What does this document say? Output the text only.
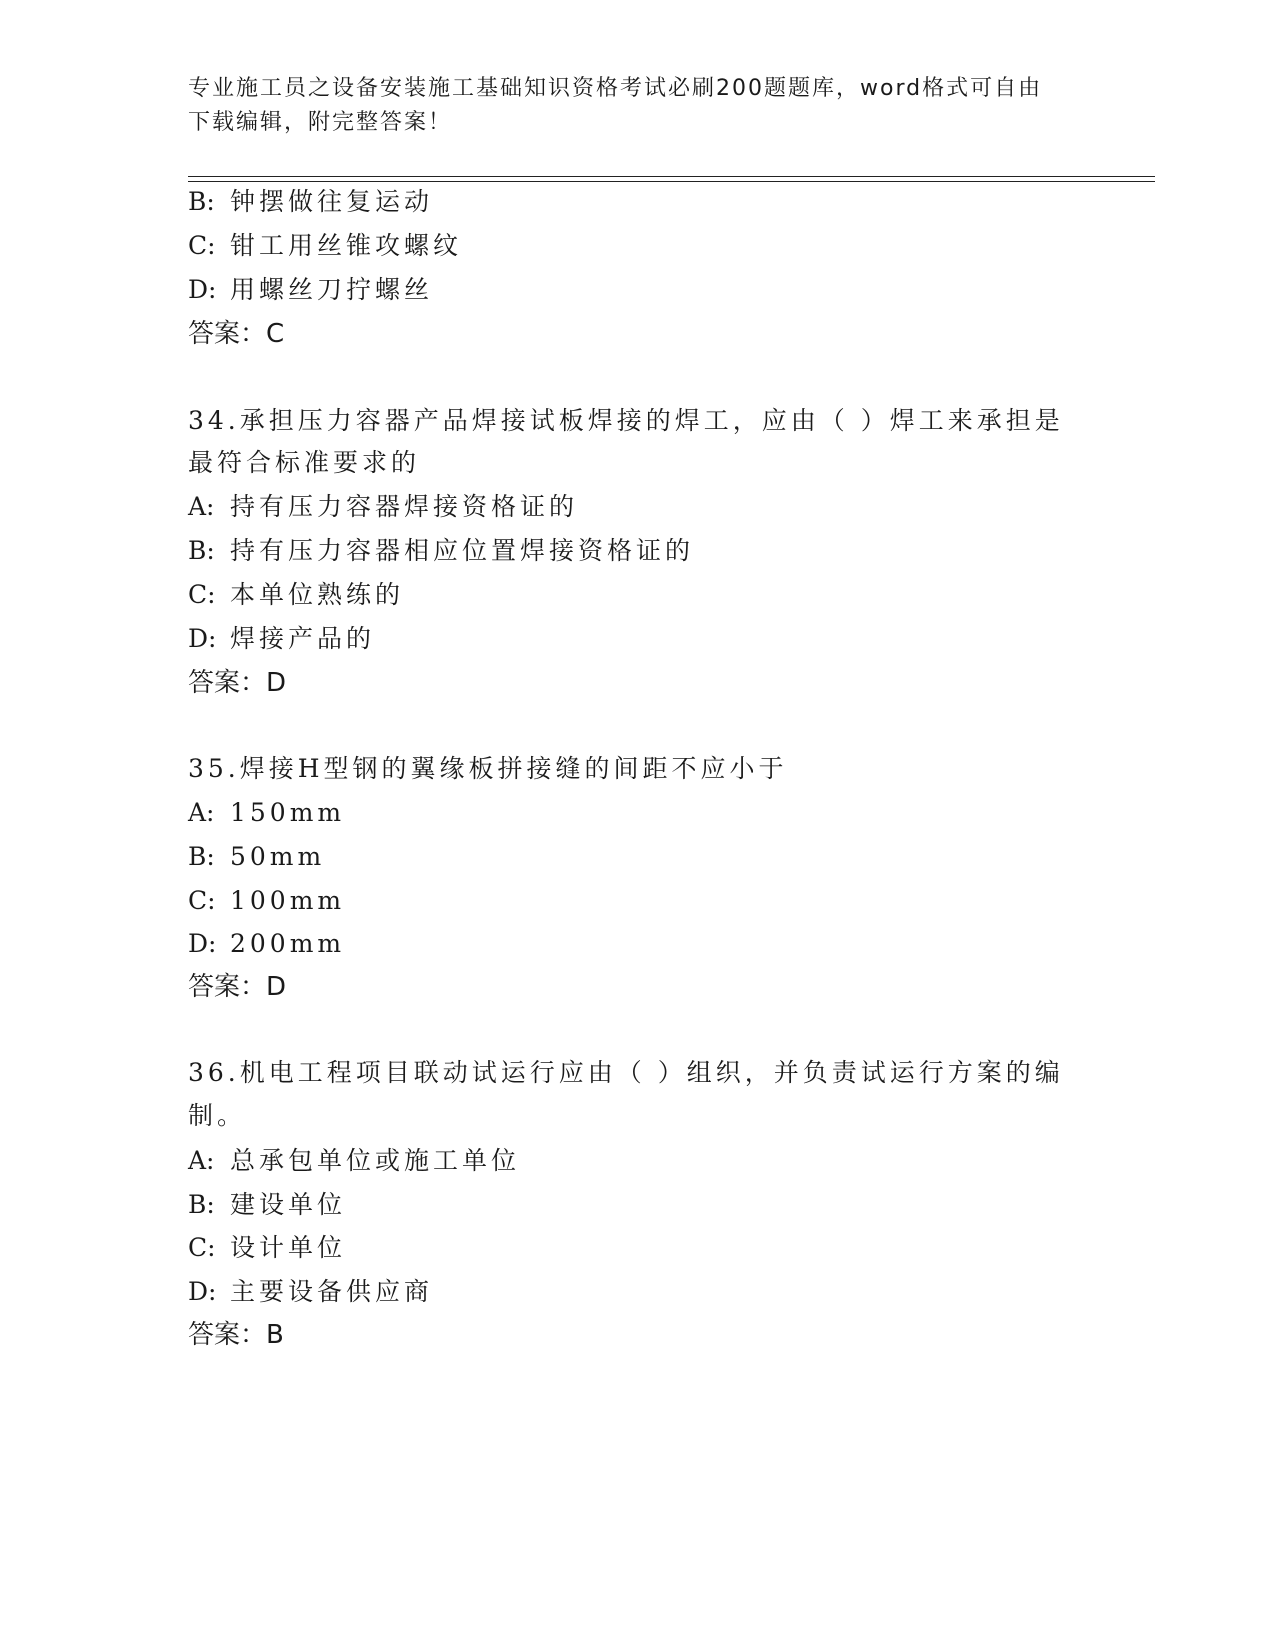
专业施工员之设备安装施工基础知识资格考试必刷200题题库，word格式可自由
下载编辑，附完整答案！
B: 钟摆做往复运动
C: 钳工用丝锥攻螺纹
D: 用螺丝刀拧螺丝
答案：C
34.承担压力容器产品焊接试板焊接的焊工，应由（ ）焊工来承担是
最符合标准要求的
A: 持有压力容器焊接资格证的
B: 持有压力容器相应位置焊接资格证的
C: 本单位熟练的
D: 焊接产品的
答案：D
35.焊接H型钢的翼缘板拼接缝的间距不应小于
A: 150mm
B: 50mm
C: 100mm
D: 200mm
答案：D
36.机电工程项目联动试运行应由（ ）组织，并负责试运行方案的编
制。
A: 总承包单位或施工单位
B: 建设单位
C: 设计单位
D: 主要设备供应商
答案：B
